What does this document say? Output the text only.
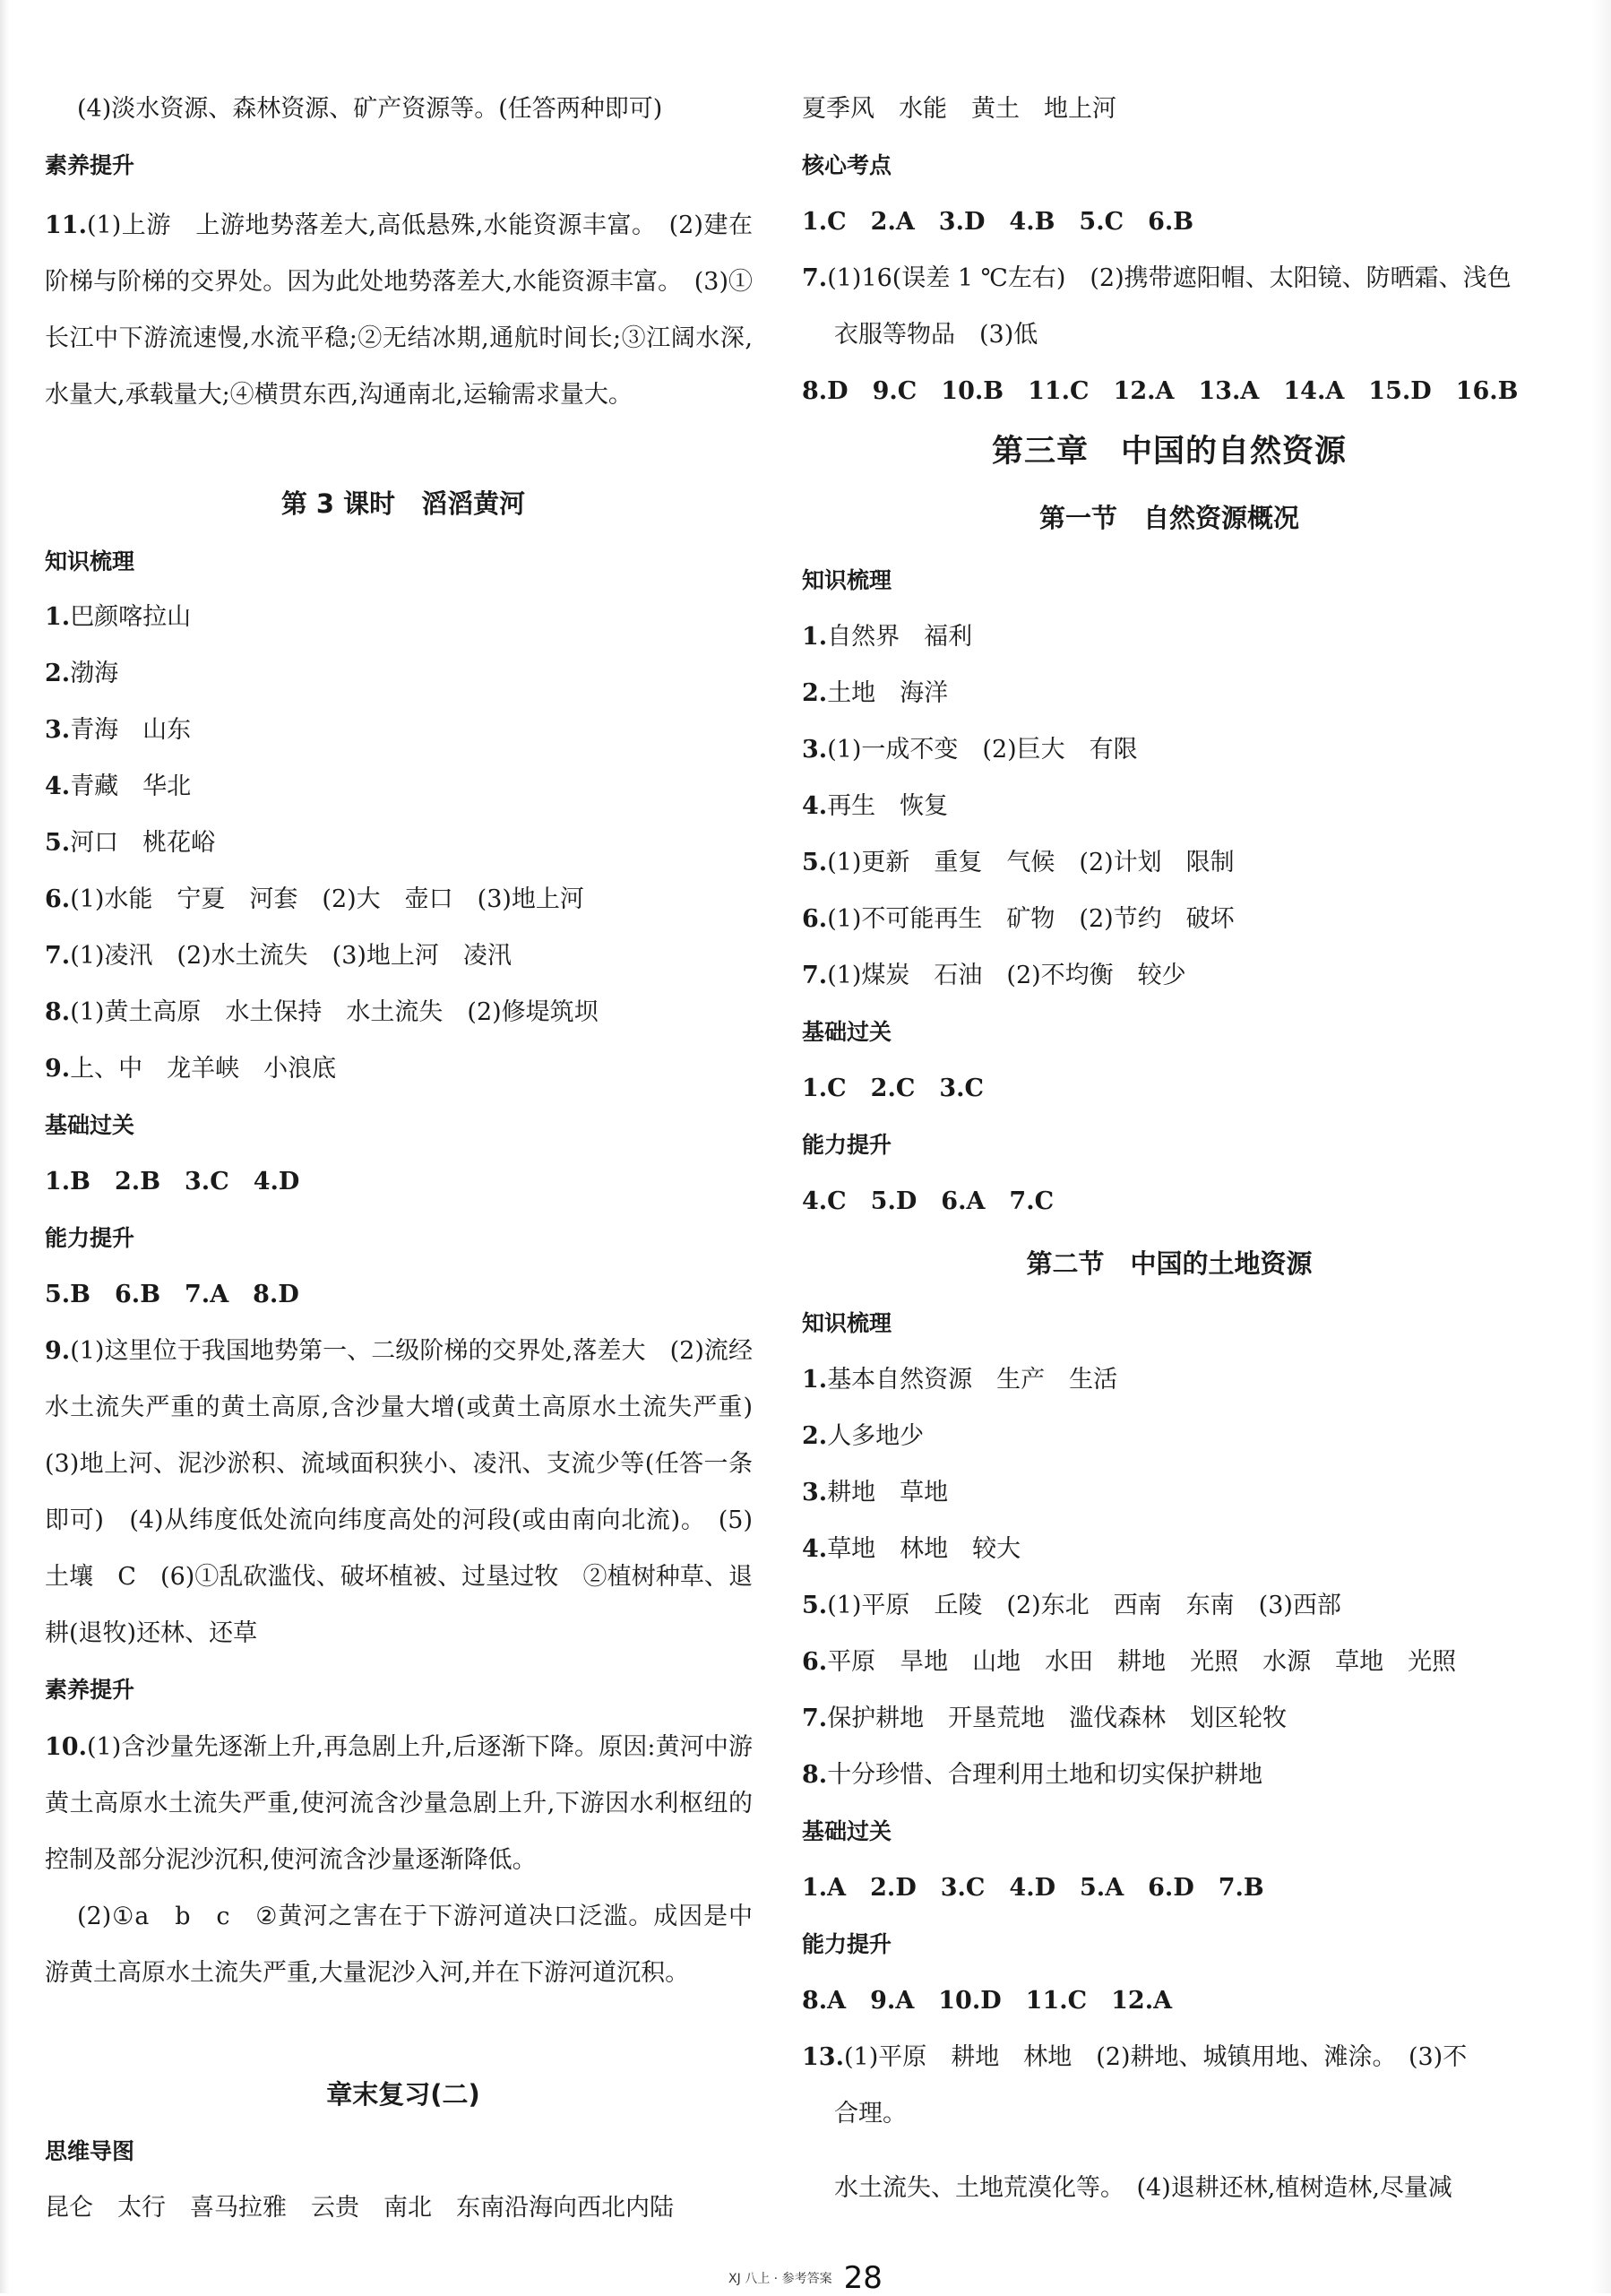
(4)淡水资源、森林资源、矿产资源等。(任答两种即可)
素养提升
11.(1)上游　上游地势落差大,高低悬殊,水能资源丰富。　(2)建在阶梯与阶梯的交界处。因为此处地势落差大,水能资源丰富。　(3)①长江中下游流速慢,水流平稳;②无结冰期,通航时间长;③江阔水深,水量大,承载量大;④横贯东西,沟通南北,运输需求量大。
第 3 课时　滔滔黄河
知识梳理
1.巴颜喀拉山
2.渤海
3.青海　山东
4.青藏　华北
5.河口　桃花峪
6.(1)水能　宁夏　河套　(2)大　壶口　(3)地上河
7.(1)凌汛　(2)水土流失　(3)地上河　凌汛
8.(1)黄土高原　水土保持　水土流失　(2)修堤筑坝
9.上、中　龙羊峡　小浪底
基础过关
1.B　2.B　3.C　4.D
能力提升
5.B　6.B　7.A　8.D
9.(1)这里位于我国地势第一、二级阶梯的交界处,落差大　(2)流经水土流失严重的黄土高原,含沙量大增(或黄土高原水土流失严重)　(3)地上河、泥沙淤积、流域面积狭小、凌汛、支流少等(任答一条即可)　(4)从纬度低处流向纬度高处的河段(或由南向北流)。　(5)土壤　C　(6)①乱砍滥伐、破坏植被、过垦过牧　②植树种草、退耕(退牧)还林、还草
素养提升
10.(1)含沙量先逐渐上升,再急剧上升,后逐渐下降。原因:黄河中游黄土高原水土流失严重,使河流含沙量急剧上升,下游因水利枢纽的控制及部分泥沙沉积,使河流含沙量逐渐降低。
(2)①a　b　c　②黄河之害在于下游河道决口泛滥。成因是中游黄土高原水土流失严重,大量泥沙入河,并在下游河道沉积。
章末复习(二)
思维导图
昆仑　太行　喜马拉雅　云贵　南北　东南沿海向西北内陆
夏季风　水能　黄土　地上河
核心考点
1.C　2.A　3.D　4.B　5.C　6.B
7.(1)16(误差 1 ℃左右)　(2)携带遮阳帽、太阳镜、防晒霜、浅色
衣服等物品　(3)低
8.D　9.C　10.B　11.C　12.A　13.A　14.A　15.D　16.B
第三章　中国的自然资源
第一节　自然资源概况
知识梳理
1.自然界　福利
2.土地　海洋
3.(1)一成不变　(2)巨大　有限
4.再生　恢复
5.(1)更新　重复　气候　(2)计划　限制
6.(1)不可能再生　矿物　(2)节约　破坏
7.(1)煤炭　石油　(2)不均衡　较少
基础过关
1.C　2.C　3.C
能力提升
4.C　5.D　6.A　7.C
第二节　中国的土地资源
知识梳理
1.基本自然资源　生产　生活
2.人多地少
3.耕地　草地
4.草地　林地　较大
5.(1)平原　丘陵　(2)东北　西南　东南　(3)西部
6.平原　旱地　山地　水田　耕地　光照　水源　草地　光照
7.保护耕地　开垦荒地　滥伐森林　划区轮牧
8.十分珍惜、合理利用土地和切实保护耕地
基础过关
1.A　2.D　3.C　4.D　5.A　6.D　7.B
能力提升
8.A　9.A　10.D　11.C　12.A
13.(1)平原　耕地　林地　(2)耕地、城镇用地、滩涂。　(3)不
合理。
水土流失、土地荒漠化等。　(4)退耕还林,植树造林,尽量减
XJ 八上 · 参考答案 28
